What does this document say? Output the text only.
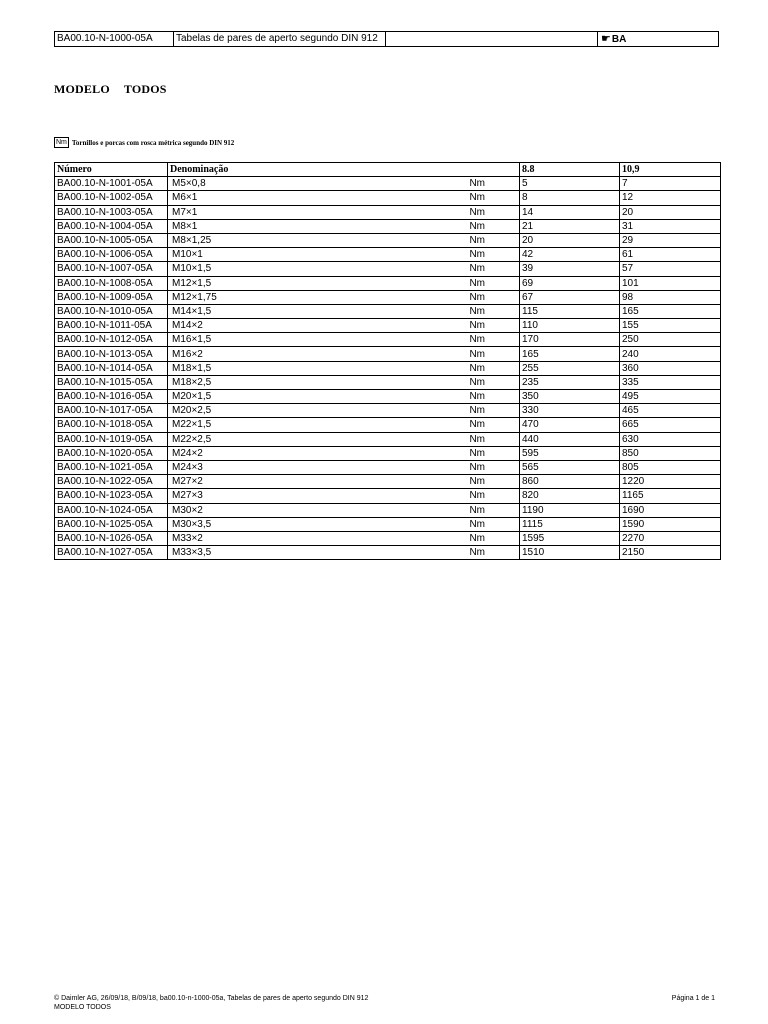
BA00.10-N-1000-05A	Tabelas de pares de aperto segundo DIN 912	☛BA
MODELO TODOS
Nm Tornillos e porcas com rosca métrica segundo DIN 912
Número	Denominação	8.8	10,9
BA00.10-N-1001-05A	M5×0,8 Nm	5	7
BA00.10-N-1002-05A	M6×1 Nm	8	12
BA00.10-N-1003-05A	M7×1 Nm	14	20
BA00.10-N-1004-05A	M8×1 Nm	21	31
BA00.10-N-1005-05A	M8×1,25 Nm	20	29
BA00.10-N-1006-05A	M10×1 Nm	42	61
BA00.10-N-1007-05A	M10×1,5 Nm	39	57
BA00.10-N-1008-05A	M12×1,5 Nm	69	101
BA00.10-N-1009-05A	M12×1,75 Nm	67	98
BA00.10-N-1010-05A	M14×1,5 Nm	115	165
BA00.10-N-1011-05A	M14×2 Nm	110	155
BA00.10-N-1012-05A	M16×1,5 Nm	170	250
BA00.10-N-1013-05A	M16×2 Nm	165	240
BA00.10-N-1014-05A	M18×1,5 Nm	255	360
BA00.10-N-1015-05A	M18×2,5 Nm	235	335
BA00.10-N-1016-05A	M20×1,5 Nm	350	495
BA00.10-N-1017-05A	M20×2,5 Nm	330	465
BA00.10-N-1018-05A	M22×1,5 Nm	470	665
BA00.10-N-1019-05A	M22×2,5 Nm	440	630
BA00.10-N-1020-05A	M24×2 Nm	595	850
BA00.10-N-1021-05A	M24×3 Nm	565	805
BA00.10-N-1022-05A	M27×2 Nm	860	1220
BA00.10-N-1023-05A	M27×3 Nm	820	1165
BA00.10-N-1024-05A	M30×2 Nm	1190	1690
BA00.10-N-1025-05A	M30×3,5 Nm	1115	1590
BA00.10-N-1026-05A	M33×2 Nm	1595	2270
BA00.10-N-1027-05A	M33×3,5 Nm	1510	2150
© Daimler AG, 26/09/18, B/09/18, ba00.10-n-1000-05a, Tabelas de pares de aperto segundo DIN 912
MODELO TODOS
Página 1 de 1
